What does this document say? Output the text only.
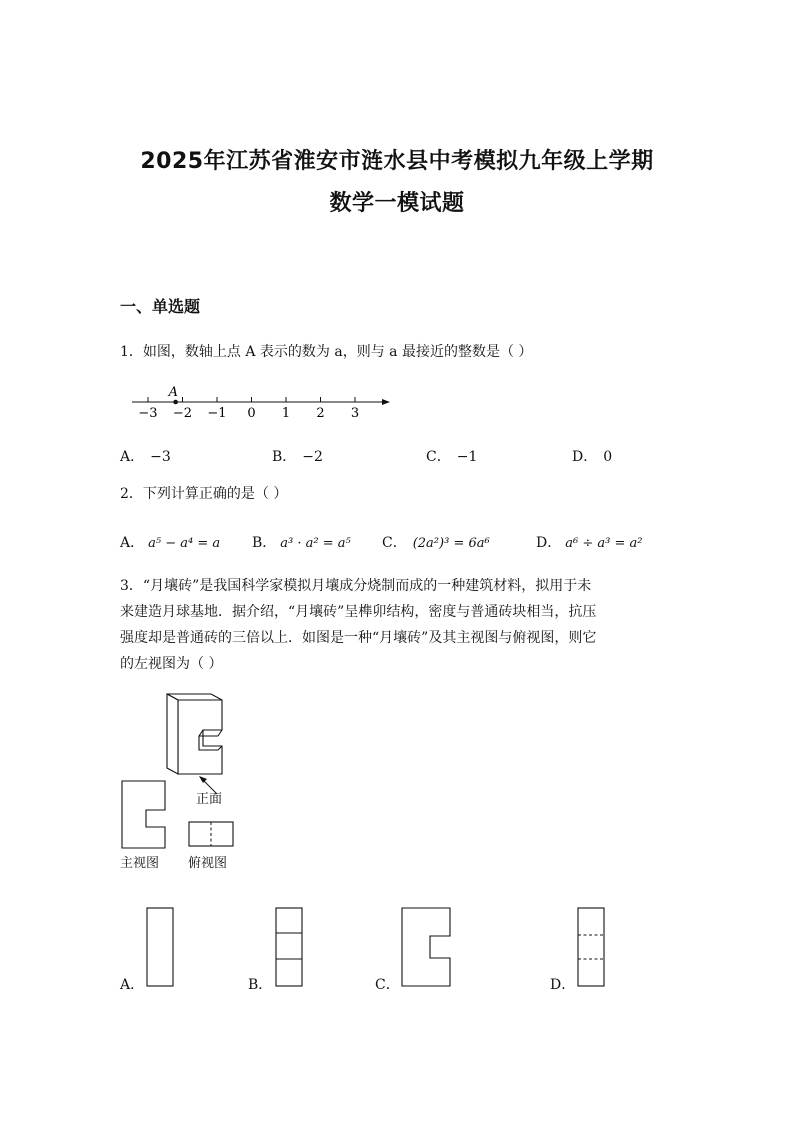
2025年江苏省淮安市涟水县中考模拟九年级上学期
数学一模试题
一、单选题
1．如图，数轴上点 A 表示的数为 a，则与 a 最接近的整数是（ ）
−3 −2 −1 0 1 2 3
A
A． −3	B． −2	C． −1	D． 0
2．下列计算正确的是（ ）
A． a⁵ − a⁴ = a B． a³ · a² = a⁵ C． (2a²)³ = 6a⁶	D． a⁶ ÷ a³ = a²
3．“月壤砖”是我国科学家模拟月壤成分烧制而成的一种建筑材料，拟用于未
来建造月球基地．据介绍，“月壤砖”呈榫卯结构，密度与普通砖块相当，抗压
强度却是普通砖的三倍以上．如图是一种“月壤砖”及其主视图与俯视图，则它
的左视图为（ ）
正面
主视图 俯视图
A．	B．	C．	D．
